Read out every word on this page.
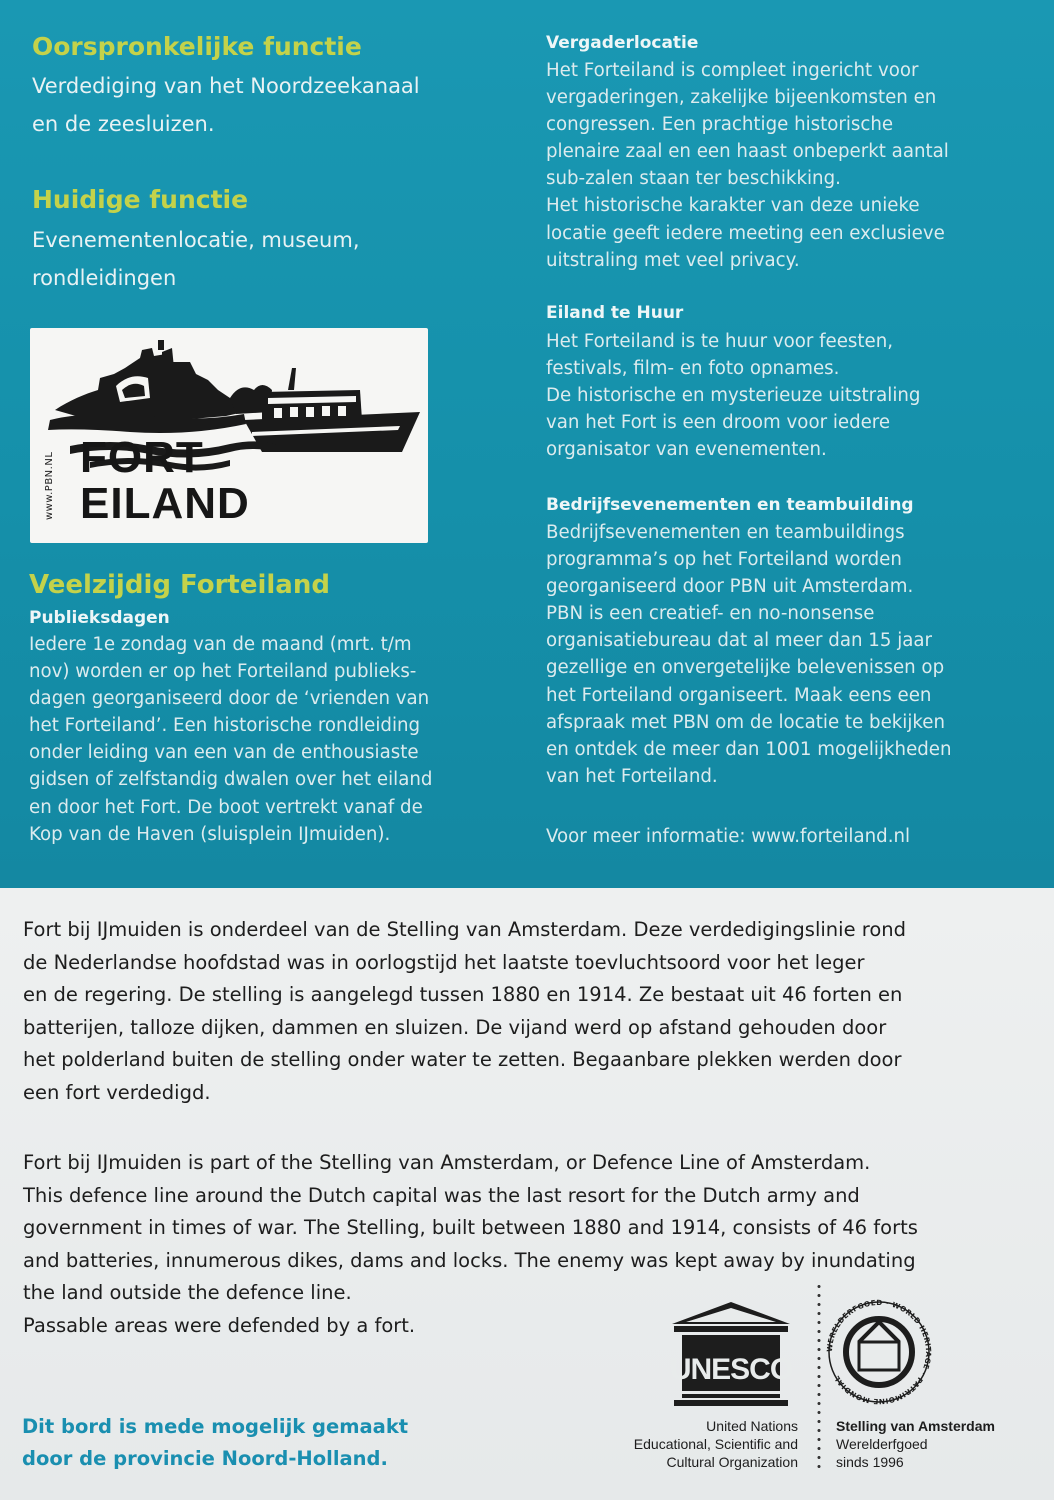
Oorspronkelijke functie

Verdediging van het Noordzeekanaal

en de zeesluizen.

Huidige functie

Evenementenlocatie, museum,

rondleidingen

www.PBN.NL FORT
EILAND
Veelzijdig Forteiland
Publieksdagen

Iedere 1e zondag van de maand (mrt. t/m

nov) worden er op het Forteiland publieks-

dagen georganiseerd door de ‘vrienden van

het Forteiland’. Een historische rondleiding

onder leiding van een van de enthousiaste

gidsen of zelfstandig dwalen over het eiland

en door het Fort. De boot vertrekt vanaf de

Kop van de Haven (sluisplein IJmuiden).

Vergaderlocatie

Het Forteiland is compleet ingericht voor

vergaderingen, zakelijke bijeenkomsten en

congressen. Een prachtige historische

plenaire zaal en een haast onbeperkt aantal

sub-zalen staan ter beschikking.

Het historische karakter van deze unieke

locatie geeft iedere meeting een exclusieve

uitstraling met veel privacy.

Eiland te Huur

Het Forteiland is te huur voor feesten,

festivals, film- en foto opnames.

De historische en mysterieuze uitstraling

van het Fort is een droom voor iedere

organisator van evenementen.

Bedrijfsevenementen en teambuilding

Bedrijfsevenementen en teambuildings

programma’s op het Forteiland worden

georganiseerd door PBN uit Amsterdam.

PBN is een creatief- en no-nonsense

organisatiebureau dat al meer dan 15 jaar

gezellige en onvergetelijke belevenissen op

het Forteiland organiseert. Maak eens een

afspraak met PBN om de locatie te bekijken

en ontdek de meer dan 1001 mogelijkheden

van het Forteiland.

Voor meer informatie: www.forteiland.nl

Fort bij IJmuiden is onderdeel van de Stelling van Amsterdam. Deze verdedigingslinie rond

de Nederlandse hoofdstad was in oorlogstijd het laatste toevluchtsoord voor het leger

en de regering. De stelling is aangelegd tussen 1880 en 1914. Ze bestaat uit 46 forten en

batterijen, talloze dijken, dammen en sluizen. De vijand werd op afstand gehouden door

het polderland buiten de stelling onder water te zetten. Begaanbare plekken werden door

een fort verdedigd.

Fort bij IJmuiden is part of the Stelling van Amsterdam, or Defence Line of Amsterdam.

This defence line around the Dutch capital was the last resort for the Dutch army and

government in times of war. The Stelling, built between 1880 and 1914, consists of 46 forts

and batteries, innumerous dikes, dams and locks. The enemy was kept away by inundating

the land outside the defence line.

Passable areas were defended by a fort.

Dit bord is mede mogelijk gemaakt

door de provincie Noord-Holland.

UNESCO

United Nations

Educational, Scientific and

Cultural Organization

WERELDERFGOED · WORLD HERITAGE · PATRIMOINE MONDIAL

Stelling van Amsterdam

Werelderfgoed

sinds 1996
